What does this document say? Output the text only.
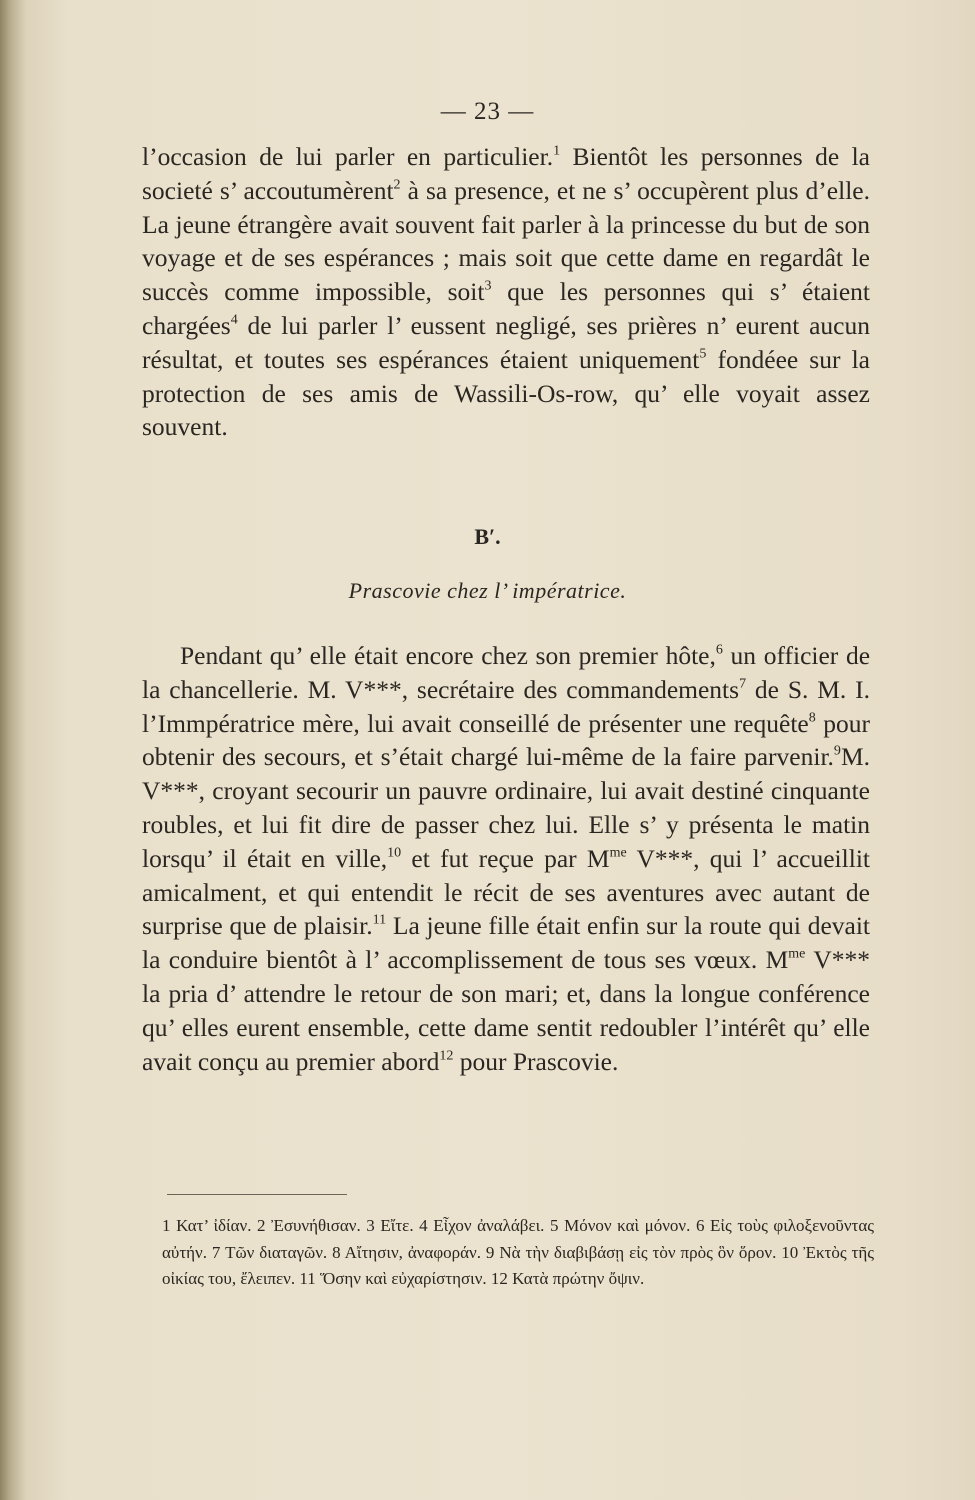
— 23 —

l’occasion de lui parler en particulier.$^1$ Bientôt les personnes de la societé s’ accoutumèrent$^2$ à sa presence, et ne s’ occupèrent plus d’elle. La jeune étrangère avait souvent fait parler à la princesse du but de son voyage et de ses espérances ; mais soit que cette dame en regardât le succès comme impossible, soit$^3$ que les personnes qui s’ étaient chargées$^4$ de lui parler l’ eussent negligé, ses prières n’ eurent aucun résultat, et toutes ses espérances étaient uniquement$^5$ fondéee sur la protection de ses amis de Wassili-Os-row, qu’ elle voyait assez souvent.

B′.
Prascovie chez l’ impératrice.

Pendant qu’ elle était encore chez son premier hôte,$^6$ un officier de la chancellerie. M. V***, secrétaire des commandements$^7$ de S. M. I. l’Immpératrice mère, lui avait conseillé de présenter une requête$^8$ pour obtenir des secours, et s’était chargé lui-même de la faire parvenir.$^9$M. V***, croyant secourir un pauvre ordinaire, lui avait destiné cinquante roubles, et lui fit dire de passer chez lui. Elle s’ y présenta le matin lorsqu’ il était en ville,$^{10}$ et fut reçue par $M^{me}$ V***, qui l’ accueillit amicalment, et qui entendit le récit de ses aventures avec autant de surprise que de plaisir.$^{11}$ La jeune fille était enfin sur la route qui devait la conduire bientôt à l’ accomplissement de tous ses vœux. $M^{me}$ V*** la pria d’ attendre le retour de son mari; et, dans la longue conférence qu’ elles eurent ensemble, cette dame sentit redoubler l’intérêt qu’ elle avait conçu au premier abord$^{12}$ pour Prascovie.

1 Κατ’ ἰδίαν. 2 Ἐσυνήθισαν. 3 Εἴτε. 4 Εἶχον ἀναλάβει. 5 Μόνον καὶ μόνον. 6 Εἰς τοὺς φιλοξενοῦντας αὐτήν. 7 Τῶν διαταγῶν. 8 Αἴτησιν, ἀναφοράν. 9 Νὰ τὴν διαβιβάσῃ εἰς τὸν πρὸς ὃν ὅρον. 10 Ἐκτὸς τῆς οἰκίας του, ἔλειπεν. 11 Ὅσην καὶ εὐχαρίστησιν. 12 Κατὰ πρώτην ὄψιν.
